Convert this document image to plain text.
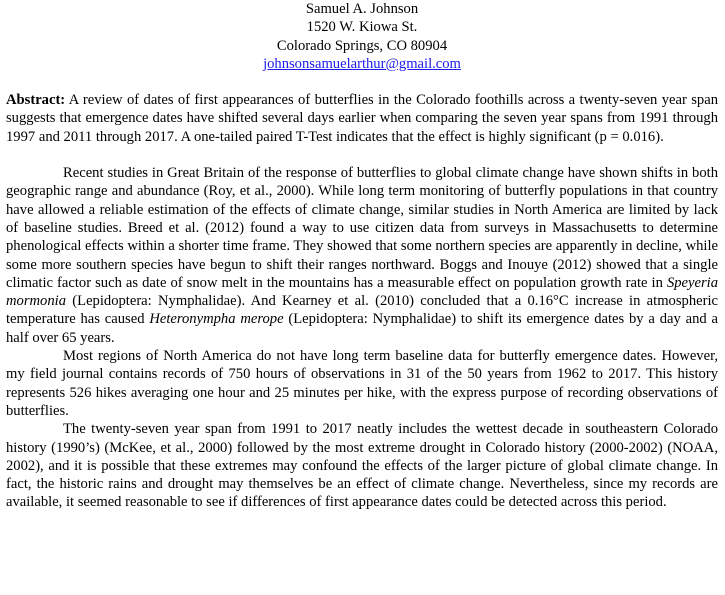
Samuel A. Johnson
1520 W. Kiowa St.
Colorado Springs, CO 80904
johnsonsamuelarthur@gmail.com
Abstract: A review of dates of first appearances of butterflies in the Colorado foothills across a twenty-seven year span suggests that emergence dates have shifted several days earlier when comparing the seven year spans from 1991 through 1997 and 2011 through 2017. A one-tailed paired T-Test indicates that the effect is highly significant (p = 0.016).

Recent studies in Great Britain of the response of butterflies to global climate change have shown shifts in both geographic range and abundance (Roy, et al., 2000). While long term monitoring of butterfly populations in that country have allowed a reliable estimation of the effects of climate change, similar studies in North America are limited by lack of baseline studies. Breed et al. (2012) found a way to use citizen data from surveys in Massachusetts to determine phenological effects within a shorter time frame. They showed that some northern species are apparently in decline, while some more southern species have begun to shift their ranges northward. Boggs and Inouye (2012) showed that a single climatic factor such as date of snow melt in the mountains has a measurable effect on population growth rate in Speyeria mormonia (Lepidoptera: Nymphalidae). And Kearney et al. (2010) concluded that a 0.16°C increase in atmospheric temperature has caused Heteronympha merope (Lepidoptera: Nymphalidae) to shift its emergence dates by a day and a half over 65 years.

Most regions of North America do not have long term baseline data for butterfly emergence dates. However, my field journal contains records of 750 hours of observations in 31 of the 50 years from 1962 to 2017. This history represents 526 hikes averaging one hour and 25 minutes per hike, with the express purpose of recording observations of butterflies.

The twenty-seven year span from 1991 to 2017 neatly includes the wettest decade in southeastern Colorado history (1990’s) (McKee, et al., 2000) followed by the most extreme drought in Colorado history (2000-2002) (NOAA, 2002), and it is possible that these extremes may confound the effects of the larger picture of global climate change. In fact, the historic rains and drought may themselves be an effect of climate change. Nevertheless, since my records are available, it seemed reasonable to see if differences of first appearance dates could be detected across this period.
